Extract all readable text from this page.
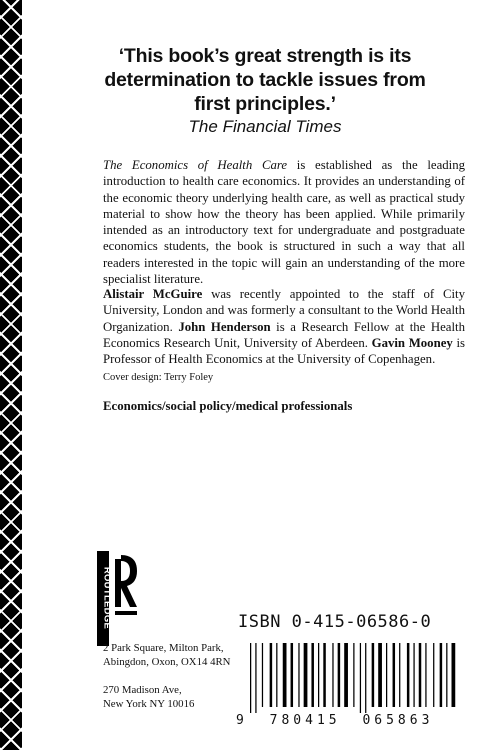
‘This book’s great strength is its
determination to tackle issues from
first principles.’
The Financial Times
The Economics of Health Care is established as the leading introduction to health care economics. It provides an understanding of the economic theory underlying health care, as well as practical study material to show how the theory has been applied. While primarily intended as an introductory text for undergraduate and postgraduate economics students, the book is structured in such a way that all readers interested in the topic will gain an understanding of the more specialist literature.
Alistair McGuire was recently appointed to the staff of City University, London and was formerly a consultant to the World Health Organization. John Henderson is a Research Fellow at the Health Economics Research Unit, University of Aberdeen. Gavin Mooney is Professor of Health Economics at the University of Copenhagen.
Cover design: Terry Foley
Economics/social policy/medical professionals
ROUTLEDGE
2 Park Square, Milton Park,
Abingdon, Oxon, OX14 4RN
270 Madison Ave,
New York NY 10016
ISBN 0-415-06586-0
9 780415 065863
